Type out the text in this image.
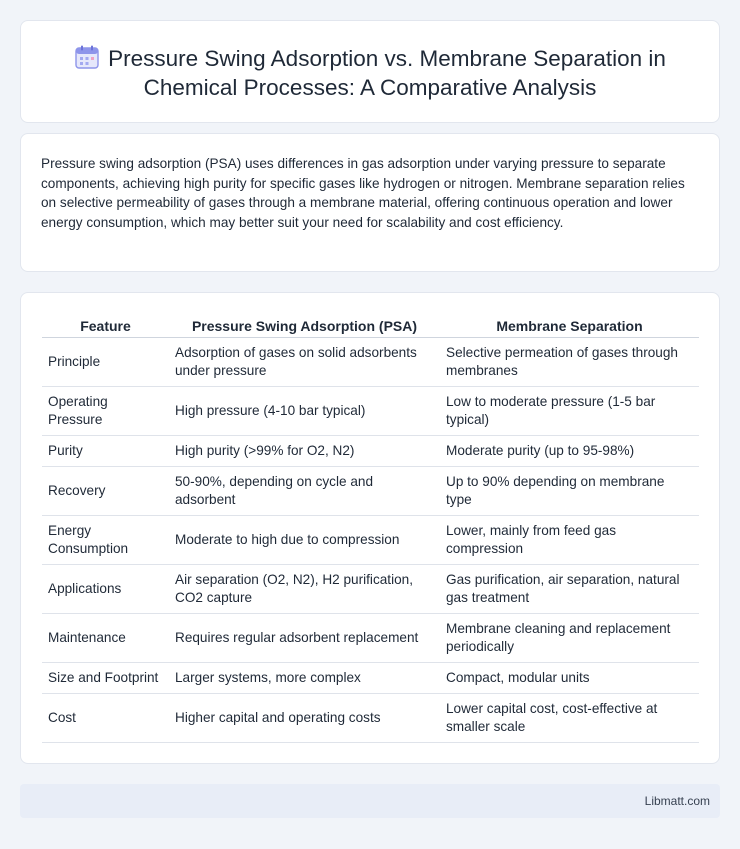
Pressure Swing Adsorption vs. Membrane Separation in Chemical Processes: A Comparative Analysis

Pressure swing adsorption (PSA) uses differences in gas adsorption under varying pressure to separate components, achieving high purity for specific gases like hydrogen or nitrogen. Membrane separation relies on selective permeability of gases through a membrane material, offering continuous operation and lower energy consumption, which may better suit your need for scalability and cost efficiency.

Feature	Pressure Swing Adsorption (PSA)	Membrane Separation
Principle	Adsorption of gases on solid adsorbents under pressure	Selective permeation of gases through membranes
Operating Pressure	High pressure (4-10 bar typical)	Low to moderate pressure (1-5 bar typical)
Purity	High purity (>99% for O2, N2)	Moderate purity (up to 95-98%)
Recovery	50-90%, depending on cycle and adsorbent	Up to 90% depending on membrane type
Energy Consumption	Moderate to high due to compression	Lower, mainly from feed gas compression
Applications	Air separation (O2, N2), H2 purification, CO2 capture	Gas purification, air separation, natural gas treatment
Maintenance	Requires regular adsorbent replacement	Membrane cleaning and replacement periodically
Size and Footprint	Larger systems, more complex	Compact, modular units
Cost	Higher capital and operating costs	Lower capital cost, cost-effective at smaller scale
Libmatt.com
